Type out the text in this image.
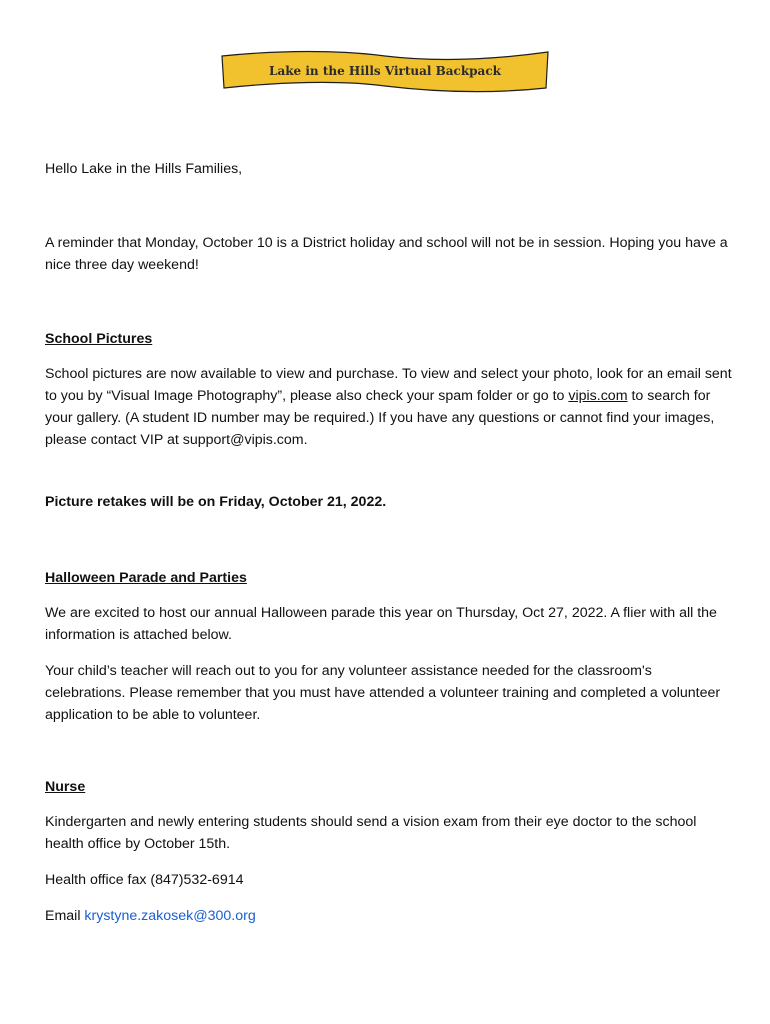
Lake in the Hills Virtual Backpack

Hello Lake in the Hills Families,

A reminder that Monday, October 10 is a District holiday and school will not be in session. Hoping you have a nice three day weekend!

School Pictures

School pictures are now available to view and purchase. To view and select your photo, look for an email sent to you by “Visual Image Photography”, please also check your spam folder or go to vipis.com to search for your gallery. (A student ID number may be required.) If you have any questions or cannot find your images, please contact VIP at support@vipis.com.

Picture retakes will be on Friday, October 21, 2022.

Halloween Parade and Parties

We are excited to host our annual Halloween parade this year on Thursday, Oct 27, 2022. A flier with all the information is attached below.

Your child’s teacher will reach out to you for any volunteer assistance needed for the classroom's celebrations. Please remember that you must have attended a volunteer training and completed a volunteer application to be able to volunteer.

Nurse

Kindergarten and newly entering students should send a vision exam from their eye doctor to the school health office by October 15th.

Health office fax (847)532-6914

Email krystyne.zakosek@300.org
